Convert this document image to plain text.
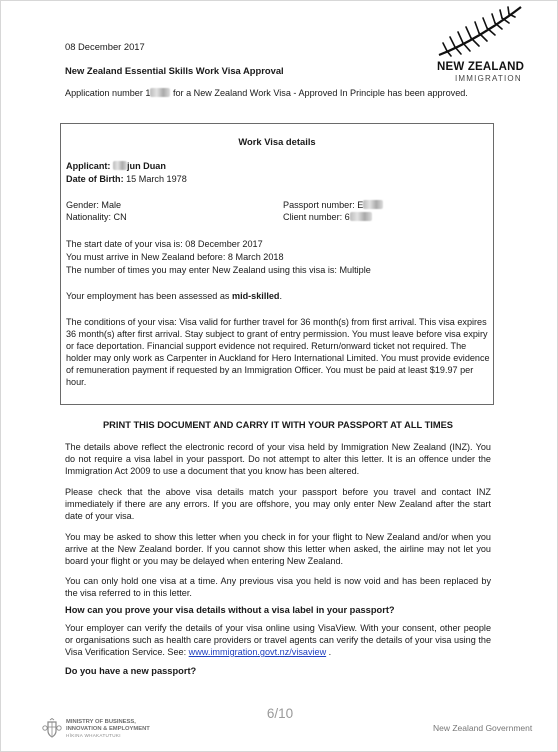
08 December 2017
NEW ZEALAND
IMMIGRATION
New Zealand Essential Skills Work Visa Approval
Application number 1 for a New Zealand Work Visa - Approved In Principle has been approved.
Work Visa details
Applicant: jun Duan
Date of Birth: 15 March 1978
Gender: Male
Nationality: CN
Passport number: E
Client number: 6
The start date of your visa is: 08 December 2017
You must arrive in New Zealand before: 8 March 2018
The number of times you may enter New Zealand using this visa is: Multiple
Your employment has been assessed as mid-skilled.
The conditions of your visa: Visa valid for further travel for 36 month(s) from first arrival. This visa expires 36 month(s) after first arrival. Stay subject to grant of entry permission. You must leave before visa expiry or face deportation. Financial support evidence not required. Return/onward ticket not required. The holder may only work as Carpenter in Auckland for Hero International Limited. You must provide evidence of remuneration payment if requested by an Immigration Officer. You must be paid at least $19.97 per hour.
PRINT THIS DOCUMENT AND CARRY IT WITH YOUR PASSPORT AT ALL TIMES
The details above reflect the electronic record of your visa held by Immigration New Zealand (INZ). You do not require a visa label in your passport. Do not attempt to alter this letter. It is an offence under the Immigration Act 2009 to use a document that you know has been altered.
Please check that the above visa details match your passport before you travel and contact INZ immediately if there are any errors. If you are offshore, you may only enter New Zealand after the start date of your visa.
You may be asked to show this letter when you check in for your flight to New Zealand and/or when you arrive at the New Zealand border. If you cannot show this letter when asked, the airline may not let you board your flight or you may be delayed when entering New Zealand.
You can only hold one visa at a time. Any previous visa you held is now void and has been replaced by the visa referred to in this letter.
How can you prove your visa details without a visa label in your passport?
Your employer can verify the details of your visa online using VisaView. With your consent, other people or organisations such as health care providers or travel agents can verify the details of your visa using the Visa Verification Service. See: www.immigration.govt.nz/visaview .
Do you have a new passport?
6/10
MINISTRY OF BUSINESS,
INNOVATION & EMPLOYMENT
HĪKINA WHAKATUTUKI
New Zealand Government
